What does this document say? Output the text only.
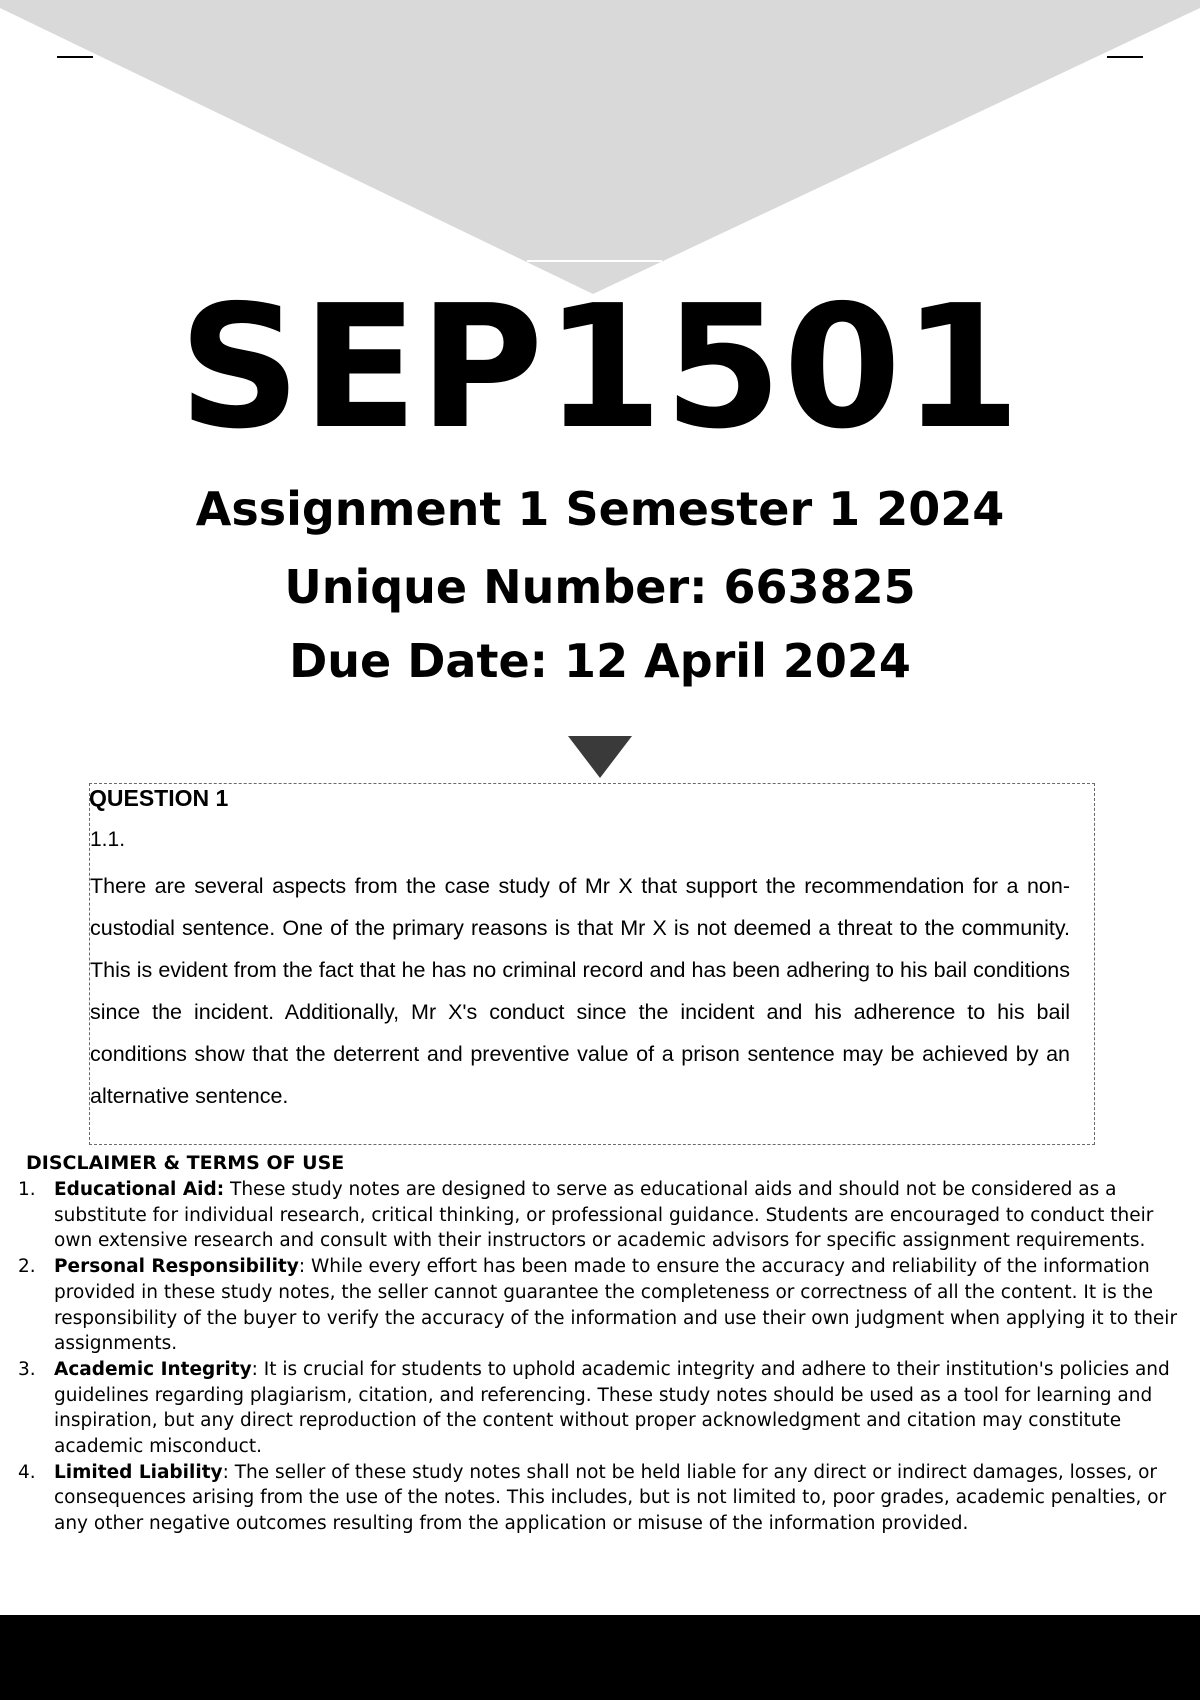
SEP1501
Assignment 1 Semester 1 2024
Unique Number: 663825
Due Date: 12 April 2024
QUESTION 1
1.1.

There are several aspects from the case study of Mr X that support the recommendation for a non-custodial sentence. One of the primary reasons is that Mr X is not deemed a threat to the community. This is evident from the fact that he has no criminal record and has been adhering to his bail conditions since the incident. Additionally, Mr X's conduct since the incident and his adherence to his bail conditions show that the deterrent and preventive value of a prison sentence may be achieved by an alternative sentence.

DISCLAIMER & TERMS OF USE
1. Educational Aid: These study notes are designed to serve as educational aids and should not be considered as a substitute for individual research, critical thinking, or professional guidance. Students are encouraged to conduct their own extensive research and consult with their instructors or academic advisors for specific assignment requirements.
2. Personal Responsibility: While every effort has been made to ensure the accuracy and reliability of the information provided in these study notes, the seller cannot guarantee the completeness or correctness of all the content. It is the responsibility of the buyer to verify the accuracy of the information and use their own judgment when applying it to their assignments.
3. Academic Integrity: It is crucial for students to uphold academic integrity and adhere to their institution's policies and guidelines regarding plagiarism, citation, and referencing. These study notes should be used as a tool for learning and inspiration, but any direct reproduction of the content without proper acknowledgment and citation may constitute academic misconduct.
4. Limited Liability: The seller of these study notes shall not be held liable for any direct or indirect damages, losses, or consequences arising from the use of the notes. This includes, but is not limited to, poor grades, academic penalties, or any other negative outcomes resulting from the application or misuse of the information provided.
